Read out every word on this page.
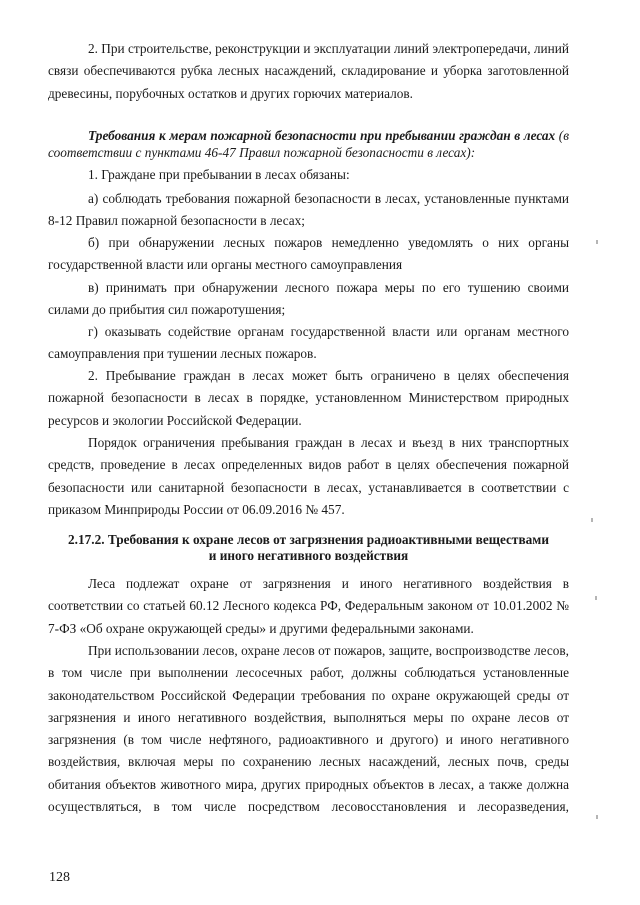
2. При строительстве, реконструкции и эксплуатации линий электропередачи, линий связи обеспечиваются рубка лесных насаждений, складирование и уборка заготовленной древесины, порубочных остатков и других горючих материалов.

Требования к мерам пожарной безопасности при пребывании граждан в лесах (в соответствии с пунктами 46-47 Правил пожарной безопасности в лесах):

1. Граждане при пребывании в лесах обязаны:

а) соблюдать требования пожарной безопасности в лесах, установленные пунктами 8-12 Правил пожарной безопасности в лесах;

б) при обнаружении лесных пожаров немедленно уведомлять о них органы государственной власти или органы местного самоуправления

в) принимать при обнаружении лесного пожара меры по его тушению своими силами до прибытия сил пожаротушения;

г) оказывать содействие органам государственной власти или органам местного самоуправления при тушении лесных пожаров.

2. Пребывание граждан в лесах может быть ограничено в целях обеспечения пожарной безопасности в лесах в порядке, установленном Министерством природных ресурсов и экологии Российской Федерации.

Порядок ограничения пребывания граждан в лесах и въезд в них транспортных средств, проведение в лесах определенных видов работ в целях обеспечения пожарной безопасности или санитарной безопасности в лесах, устанавливается в соответствии с приказом Минприроды России от 06.09.2016 № 457.

2.17.2. Требования к охране лесов от загрязнения радиоактивными веществами
и иного негативного воздействия

Леса подлежат охране от загрязнения и иного негативного воздействия в соответствии со статьей 60.12 Лесного кодекса РФ, Федеральным законом от 10.01.2002 № 7-ФЗ «Об охране окружающей среды» и другими федеральными законами.

При использовании лесов, охране лесов от пожаров, защите, воспроизводстве лесов, в том числе при выполнении лесосечных работ, должны соблюдаться установленные законодательством Российской Федерации требования по охране окружающей среды от загрязнения и иного негативного воздействия, выполняться меры по охране лесов от загрязнения (в том числе нефтяного, радиоактивного и другого) и иного негативного воздействия, включая меры по сохранению лесных насаждений, лесных почв, среды обитания объектов животного мира, других природных объектов в лесах, а также должна осуществляться, в том числе посредством лесовосстановления и лесоразведения,

128
